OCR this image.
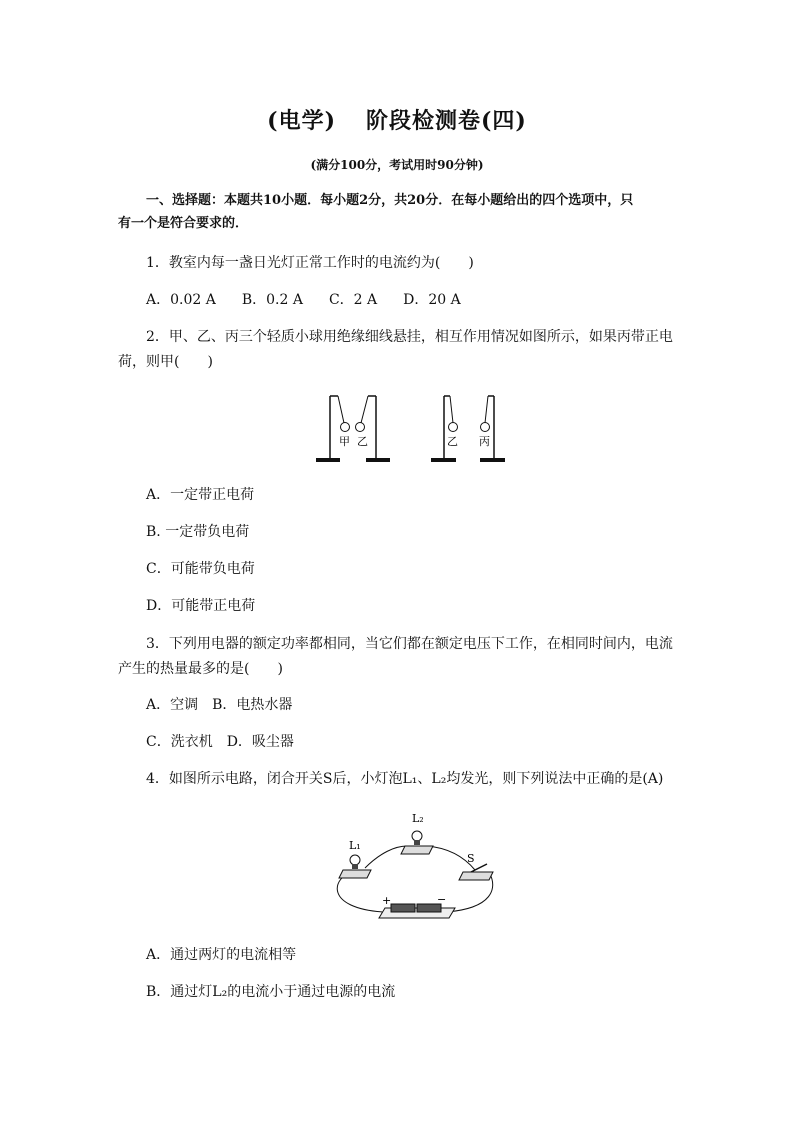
(电学) 阶段检测卷(四)
(满分100分，考试用时90分钟)
一、选择题：本题共10小题．每小题2分，共20分．在每小题给出的四个选项中，只
有一个是符合要求的．
1．教室内每一盏日光灯正常工作时的电流约为(　　)
A．0.02 A B．0.2 A C．2 A D．20 A
2．甲、乙、丙三个轻质小球用绝缘细线悬挂，相互作用情况如图所示，如果丙带正电
荷，则甲(　　)
甲 乙	乙 丙
A．一定带正电荷
B. 一定带负电荷
C．可能带负电荷
D．可能带正电荷
3．下列用电器的额定功率都相同，当它们都在额定电压下工作，在相同时间内，电流
产生的热量最多的是(　　)
A．空调　B．电热水器
C．洗衣机　D．吸尘器
4．如图所示电路，闭合开关S后，小灯泡L₁、L₂均发光，则下列说法中正确的是(A)
L₁
L₂
S
+	−
A．通过两灯的电流相等
B．通过灯L₂的电流小于通过电源的电流
